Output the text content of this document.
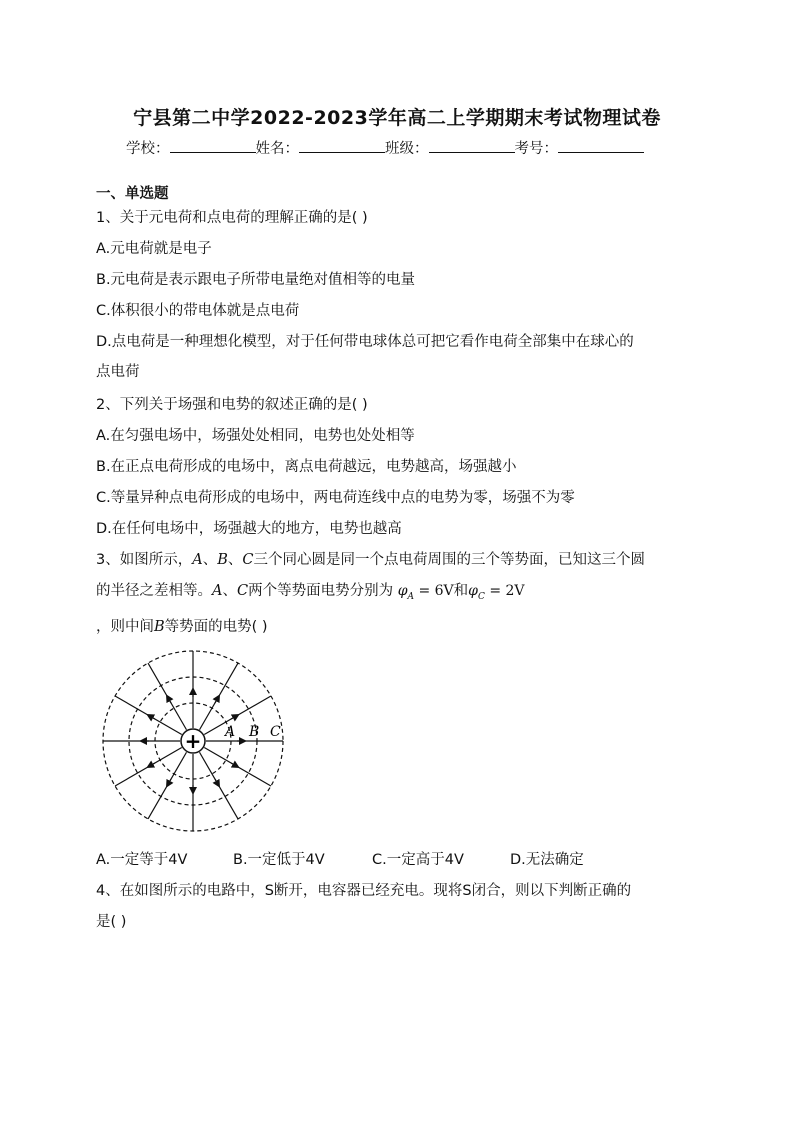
宁县第二中学2022-2023学年高二上学期期末考试物理试卷
学校：	姓名：	班级：	考号：
一、单选题
1、关于元电荷和点电荷的理解正确的是( )
A.元电荷就是电子
B.元电荷是表示跟电子所带电量绝对值相等的电量
C.体积很小的带电体就是点电荷
D.点电荷是一种理想化模型，对于任何带电球体总可把它看作电荷全部集中在球心的
点电荷
2、下列关于场强和电势的叙述正确的是( )
A.在匀强电场中，场强处处相同，电势也处处相等
B.在正点电荷形成的电场中，离点电荷越远，电势越高，场强越小
C.等量异种点电荷形成的电场中，两电荷连线中点的电势为零，场强不为零
D.在任何电场中，场强越大的地方，电势也越高
3、如图所示，A、B、C三个同心圆是同一个点电荷周围的三个等势面，已知这三个圆
的半径之差相等。A、C两个等势面电势分别为 $\varphi_A = 6V$和$\varphi_C = 2V$
，则中间B等势面的电势( )
+ A B C
A.一定等于4V	B.一定低于4V	C.一定高于4V	D.无法确定
4、在如图所示的电路中，S断开，电容器已经充电。现将S闭合，则以下判断正确的
是( )
